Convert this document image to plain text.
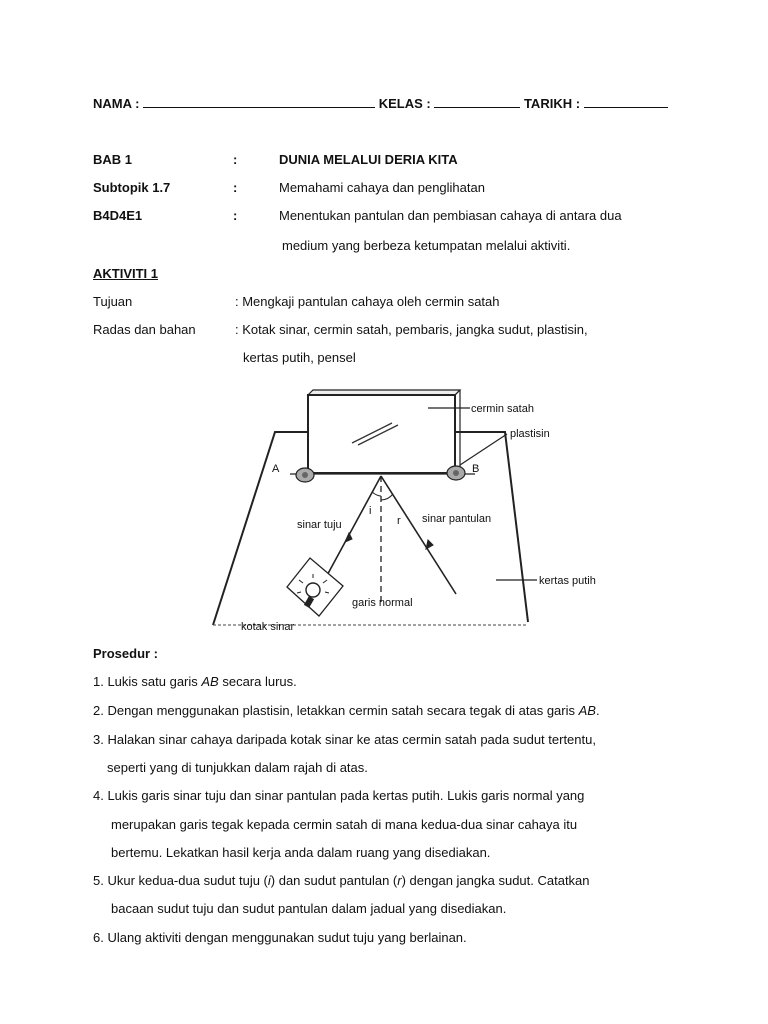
NAMA :	KELAS :	TARIKH :
BAB 1	:	DUNIA MELALUI DERIA KITA
Subtopik 1.7	:	Memahami cahaya dan penglihatan
B4D4E1	:	Menentukan pantulan dan pembiasan cahaya di antara dua
medium yang berbeza ketumpatan melalui aktiviti.
AKTIVITI 1
Tujuan	: Mengkaji pantulan cahaya oleh cermin satah
Radas dan bahan	: Kotak sinar, cermin satah, pembaris, jangka sudut, plastisin,
kertas putih, pensel
cermin satah
plastisin
A	B
sinar tuju	sinar pantulan
i
r
kertas putih
garis normal
kotak sinar
Prosedur :
1. Lukis satu garis AB secara lurus.
2. Dengan menggunakan plastisin, letakkan cermin satah secara tegak di atas garis AB.
3. Halakan sinar cahaya daripada kotak sinar ke atas cermin satah pada sudut tertentu,
seperti yang di tunjukkan dalam rajah di atas.
4. Lukis garis sinar tuju dan sinar pantulan pada kertas putih. Lukis garis normal yang
merupakan garis tegak kepada cermin satah di mana kedua-dua sinar cahaya itu
bertemu. Lekatkan hasil kerja anda dalam ruang yang disediakan.
5. Ukur kedua-dua sudut tuju (i) dan sudut pantulan (r) dengan jangka sudut. Catatkan
bacaan sudut tuju dan sudut pantulan dalam jadual yang disediakan.
6. Ulang aktiviti dengan menggunakan sudut tuju yang berlainan.
